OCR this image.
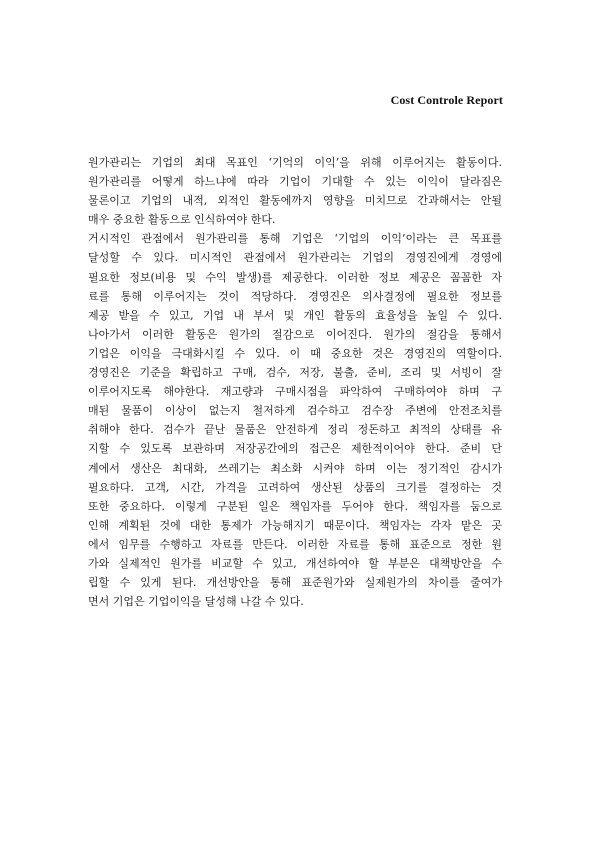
Cost Controle Report
원가관리는 기업의 최대 목표인 ‘기억의 이익’을 위해 이루어지는 활동이다.
원가관리를 어떻게 하느냐에 따라 기업이 기대할 수 있는 이익이 달라짐은
물론이고 기업의 내적, 외적인 활동에까지 영향을 미치므로 간과해서는 안될
매우 중요한 활동으로 인식하여야 한다.
거시적인 관점에서 원가관리를 통해 기업은 ‘기업의 이익’이라는 큰 목표를
달성할 수 있다. 미시적인 관점에서 원가관리는 기업의 경영진에게 경영에
필요한 정보(비용 및 수익 발생)를 제공한다. 이러한 정보 제공은 꼼꼼한 자
료를 통해 이루어지는 것이 적당하다. 경영진은 의사결정에 필요한 정보를
제공 받을 수 있고, 기업 내 부서 및 개인 활동의 효율성을 높일 수 있다.
나아가서 이러한 활동은 원가의 절감으로 이어진다. 원가의 절감을 통해서
기업은 이익을 극대화시킬 수 있다. 이 때 중요한 것은 경영진의 역할이다.
경영진은 기준을 확립하고 구매, 검수, 저장, 불출, 준비, 조리 및 서빙이 잘
이루어지도록 해야한다. 재고량과 구매시점을 파악하여 구매하여야 하며 구
매된 물품이 이상이 없는지 철저하게 검수하고 검수장 주변에 안전조치를
취해야 한다. 검수가 끝난 물품은 안전하게 정리 정돈하고 최적의 상태를 유
지할 수 있도록 보관하며 저장공간에의 접근은 제한적이어야 한다. 준비 단
계에서 생산은 최대화, 쓰레기는 최소화 시켜야 하며 이는 정기적인 감시가
필요하다. 고객, 시간, 가격을 고려하여 생산된 상품의 크기를 결정하는 것
또한 중요하다. 이렇게 구분된 일은 책임자를 두어야 한다. 책임자를 둠으로
인해 계획된 것에 대한 통제가 가능해지기 때문이다. 책임자는 각자 맡은 곳
에서 임무를 수행하고 자료를 만든다. 이러한 자료를 통해 표준으로 정한 원
가와 실제적인 원가를 비교할 수 있고, 개선하여야 할 부분은 대책방안을 수
립할 수 있게 된다. 개선방안을 통해 표준원가와 실제원가의 차이를 줄여가
면서 기업은 기업이익을 달성해 나갈 수 있다.
